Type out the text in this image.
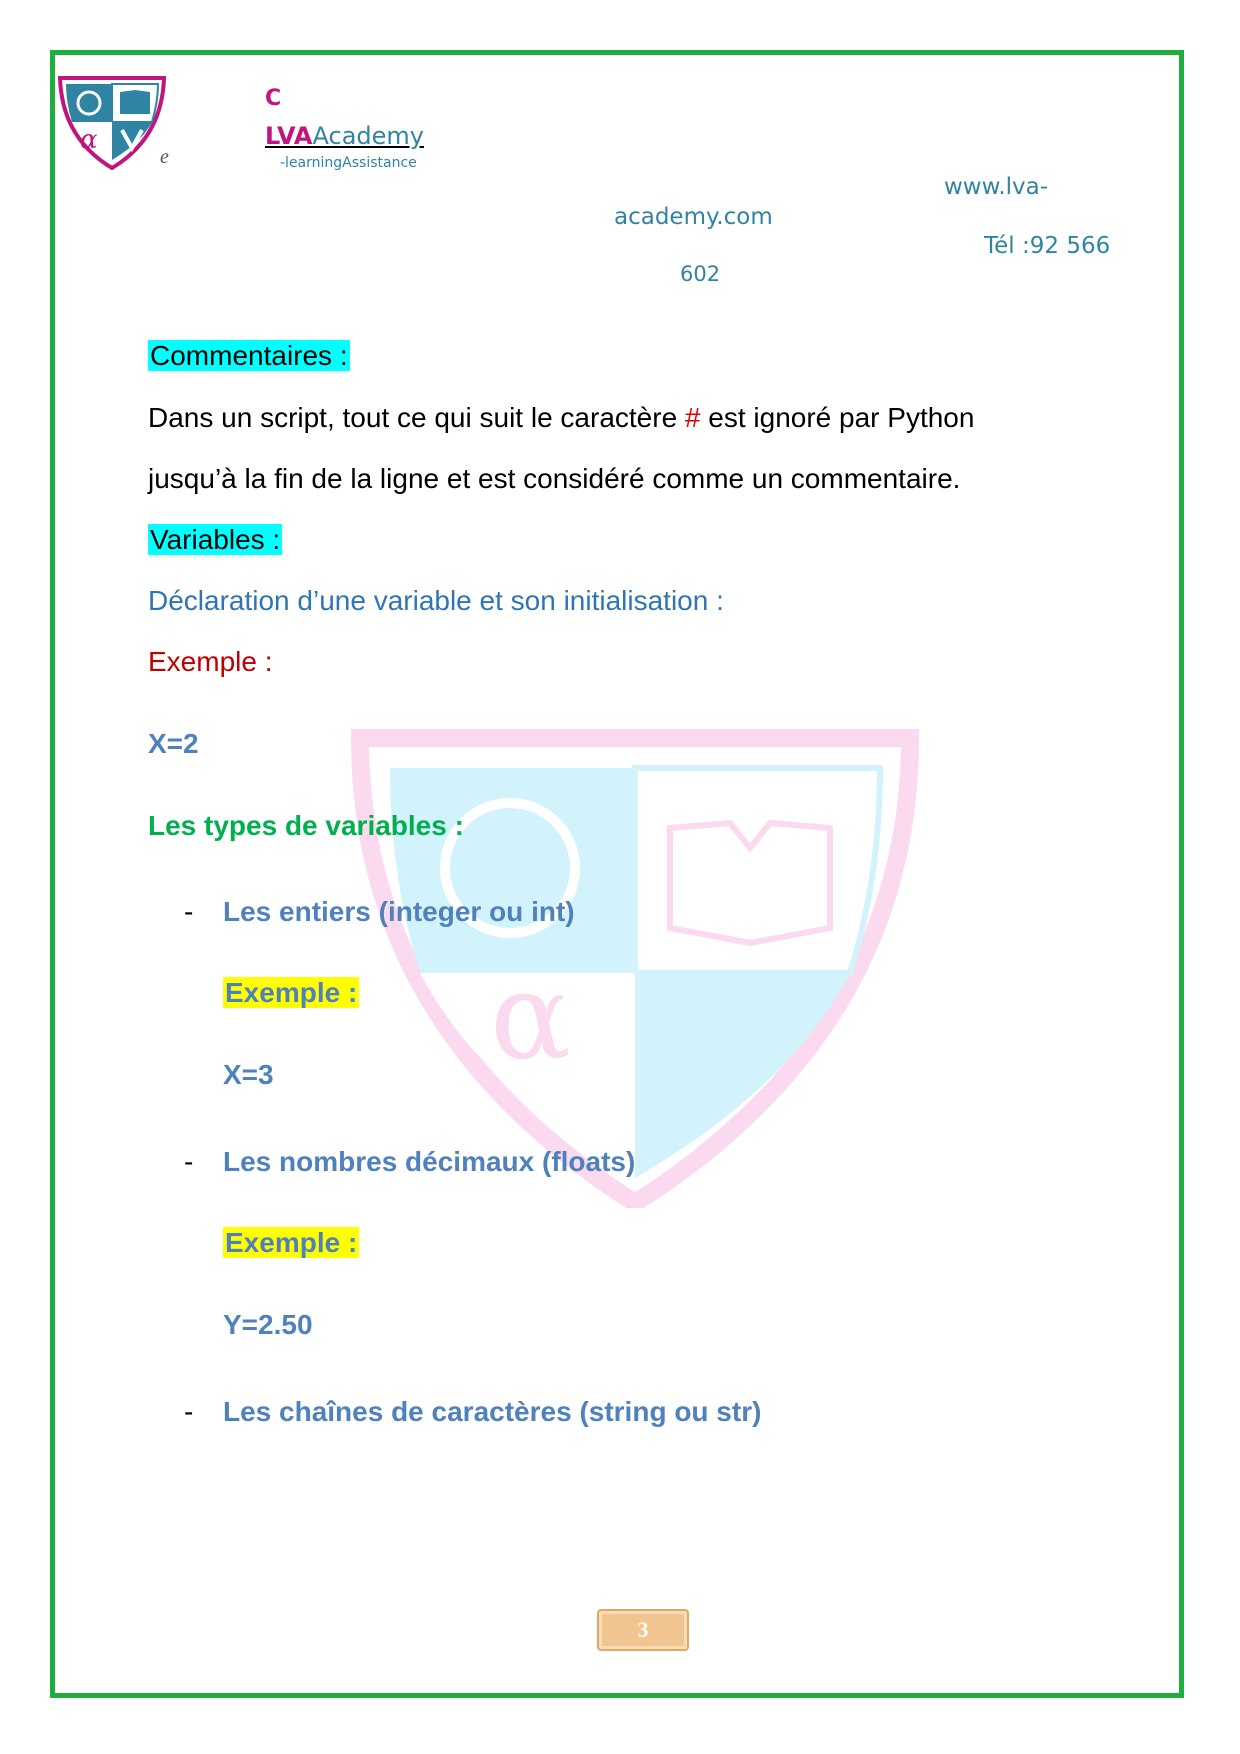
α
α
e
C
LVAAcademy
-learningAssistance
www.lva-
academy.com
Tél :92 566
602
Commentaires :
Dans un script, tout ce qui suit le caractère # est ignoré par Python
jusqu’à la fin de la ligne et est considéré comme un commentaire.
Variables :
Déclaration d’une variable et son initialisation :
Exemple :
X=2
Les types de variables :
- Les entiers (integer ou int)
Exemple :
X=3
- Les nombres décimaux (floats)
Exemple :
Y=2.50
- Les chaînes de caractères (string ou str)
3
